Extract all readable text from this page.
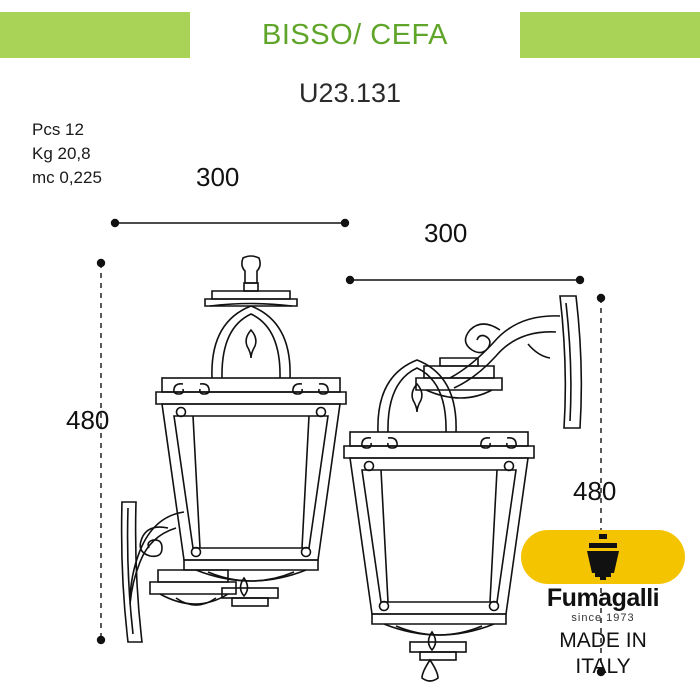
BISSO/ CEFA
U23.131
Pcs 12
Kg 20,8
mc 0,225	300
300
480
480
Fumagalli
since 1973
MADE IN
ITALY
